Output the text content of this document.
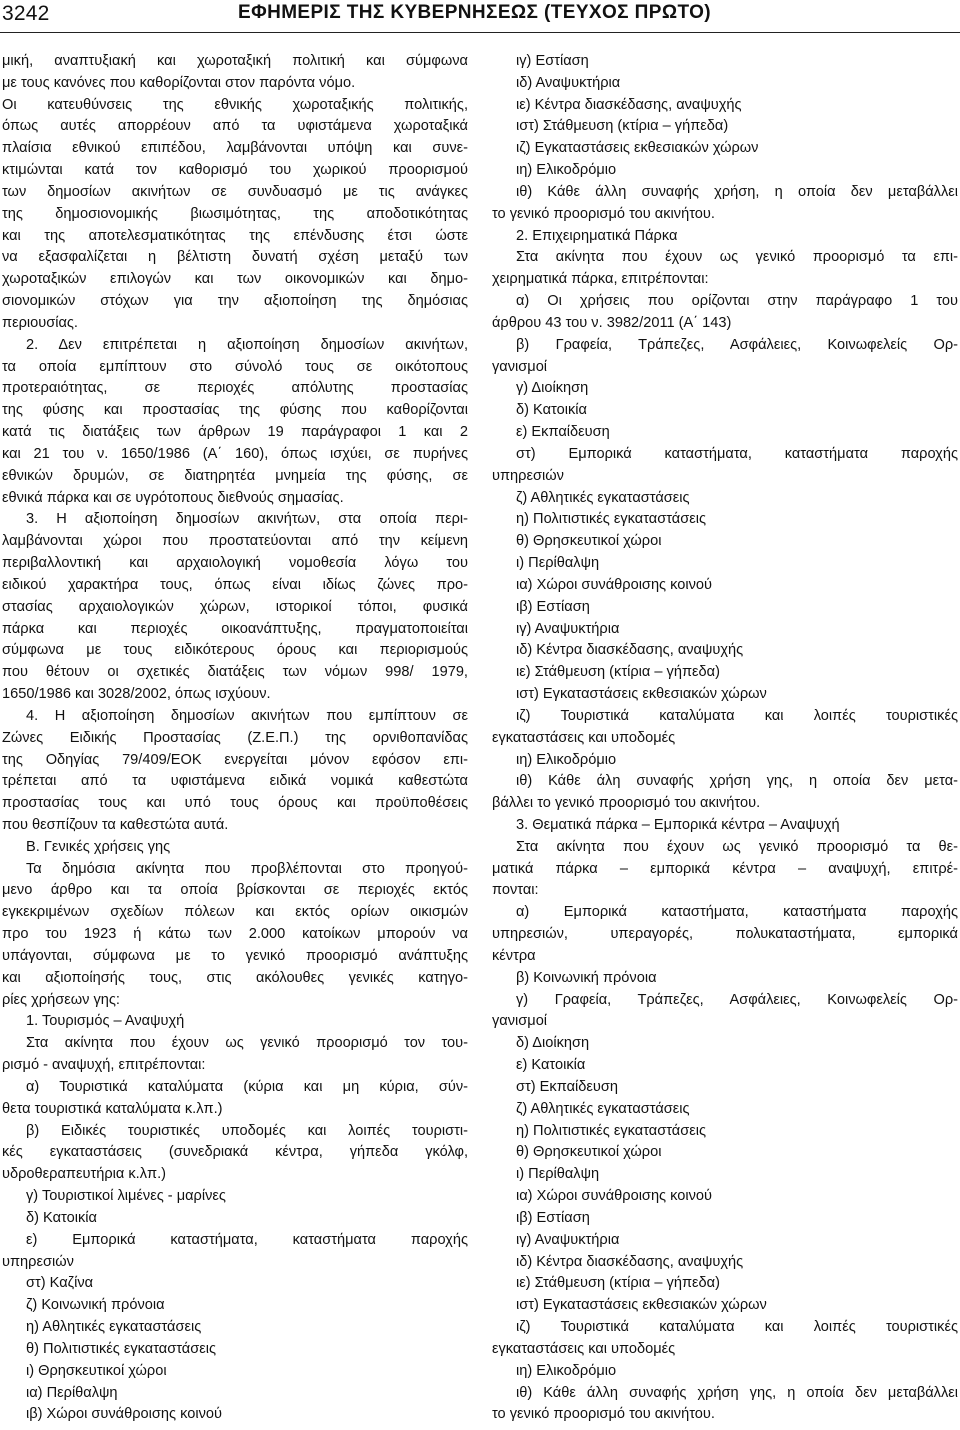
3242	ΕΦΗΜΕΡΙΣ ΤΗΣ ΚΥΒΕΡΝΗΣΕΩΣ (ΤΕΥΧΟΣ ΠΡΩΤΟ)
μική, αναπτυξιακή και χωροταξική πολιτική και σύμφωνα
με τους κανόνες που καθορίζονται στον παρόντα νόμο.
Οι κατευθύνσεις της εθνικής χωροταξικής πολιτικής,
όπως αυτές απορρέουν από τα υφιστάμενα χωροταξικά
πλαίσια εθνικού επιπέδου, λαμβάνονται υπόψη και συνε-
κτιμώνται κατά τον καθορισμό του χωρικού προορισμού
των δημοσίων ακινήτων σε συνδυασμό με τις ανάγκες
της δημοσιονομικής βιωσιμότητας, της αποδοτικότητας
και της αποτελεσματικότητας της επένδυσης έτσι ώστε
να εξασφαλίζεται η βέλτιστη δυνατή σχέση μεταξύ των
χωροταξικών επιλογών και των οικονομικών και δημο-
σιονομικών στόχων για την αξιοποίηση της δημόσιας
περιουσίας.
2. Δεν επιτρέπεται η αξιοποίηση δημοσίων ακινήτων,
τα οποία εμπίπτουν στο σύνολό τους σε οικότοπους
προτεραιότητας, σε περιοχές απόλυτης προστασίας
της φύσης και προστασίας της φύσης που καθορίζονται
κατά τις διατάξεις των άρθρων 19 παράγραφοι 1 και 2
και 21 του ν. 1650/1986 (Α΄ 160), όπως ισχύει, σε πυρήνες
εθνικών δρυμών, σε διατηρητέα μνημεία της φύσης, σε
εθνικά πάρκα και σε υγρότοπους διεθνούς σημασίας.
3. Η αξιοποίηση δημοσίων ακινήτων, στα οποία περι-
λαμβάνονται χώροι που προστατεύονται από την κείμενη
περιβαλλοντική και αρχαιολογική νομοθεσία λόγω του
ειδικού χαρακτήρα τους, όπως είναι ιδίως ζώνες προ-
στασίας αρχαιολογικών χώρων, ιστορικοί τόποι, φυσικά
πάρκα και περιοχές οικοανάπτυξης, πραγματοποιείται
σύμφωνα με τους ειδικότερους όρους και περιορισμούς
που θέτουν οι σχετικές διατάξεις των νόμων 998/ 1979,
1650/1986 και 3028/2002, όπως ισχύουν.
4. Η αξιοποίηση δημοσίων ακινήτων που εμπίπτουν σε
Ζώνες Ειδικής Προστασίας (Ζ.Ε.Π.) της ορνιθοπανίδας
της Οδηγίας 79/409/ΕΟΚ ενεργείται μόνον εφόσον επι-
τρέπεται από τα υφιστάμενα ειδικά νομικά καθεστώτα
προστασίας τους και υπό τους όρους και προϋποθέσεις
που θεσπίζουν τα καθεστώτα αυτά.
Β. Γενικές χρήσεις γης
Τα δημόσια ακίνητα που προβλέπονται στο προηγού-
μενο άρθρο και τα οποία βρίσκονται σε περιοχές εκτός
εγκεκριμένων σχεδίων πόλεων και εκτός ορίων οικισμών
προ του 1923 ή κάτω των 2.000 κατοίκων μπορούν να
υπάγονται, σύμφωνα με το γενικό προορισμό ανάπτυξης
και αξιοποίησής τους, στις ακόλουθες γενικές κατηγο-
ρίες χρήσεων γης:
1. Τουρισμός – Αναψυχή
Στα ακίνητα που έχουν ως γενικό προορισμό τον του-
ρισμό - αναψυχή, επιτρέπονται:
α) Τουριστικά καταλύματα (κύρια και μη κύρια, σύν-
θετα τουριστικά καταλύματα κ.λπ.)
β) Ειδικές τουριστικές υποδομές και λοιπές τουριστι-
κές εγκαταστάσεις (συνεδριακά κέντρα, γήπεδα γκόλφ,
υδροθεραπευτήρια κ.λπ.)
γ) Τουριστικοί λιμένες - μαρίνες
δ) Κατοικία
ε) Εμπορικά καταστήματα, καταστήματα παροχής
υπηρεσιών
στ) Καζίνα
ζ) Κοινωνική πρόνοια
η) Αθλητικές εγκαταστάσεις
θ) Πολιτιστικές εγκαταστάσεις
ι) Θρησκευτικοί χώροι
ια) Περίθαλψη
ιβ) Χώροι συνάθροισης κοινού
ιγ) Εστίαση
ιδ) Αναψυκτήρια
ιε) Κέντρα διασκέδασης, αναψυχής
ιστ) Στάθμευση (κτίρια – γήπεδα)
ιζ) Εγκαταστάσεις εκθεσιακών χώρων
ιη) Ελικοδρόμιο
ιθ) Κάθε άλλη συναφής χρήση, η οποία δεν μεταβάλλει
το γενικό προορισμό του ακινήτου.
2. Επιχειρηματικά Πάρκα
Στα ακίνητα που έχουν ως γενικό προορισμό τα επι-
χειρηματικά πάρκα, επιτρέπονται:
α) Οι χρήσεις που ορίζονται στην παράγραφο 1 του
άρθρου 43 του ν. 3982/2011 (Α΄ 143)
β) Γραφεία, Τράπεζες, Ασφάλειες, Κοινωφελείς Ορ-
γανισμοί
γ) Διοίκηση
δ) Κατοικία
ε) Εκπαίδευση
στ) Εμπορικά καταστήματα, καταστήματα παροχής
υπηρεσιών
ζ) Αθλητικές εγκαταστάσεις
η) Πολιτιστικές εγκαταστάσεις
θ) Θρησκευτικοί χώροι
ι) Περίθαλψη
ια) Χώροι συνάθροισης κοινού
ιβ) Εστίαση
ιγ) Αναψυκτήρια
ιδ) Κέντρα διασκέδασης, αναψυχής
ιε) Στάθμευση (κτίρια – γήπεδα)
ιστ) Εγκαταστάσεις εκθεσιακών χώρων
ιζ) Τουριστικά καταλύματα και λοιπές τουριστικές
εγκαταστάσεις και υποδομές
ιη) Ελικοδρόμιο
ιθ) Κάθε άλη συναφής χρήση γης, η οποία δεν μετα-
βάλλει το γενικό προορισμό του ακινήτου.
3. Θεματικά πάρκα – Εμπορικά κέντρα – Αναψυχή
Στα ακίνητα που έχουν ως γενικό προορισμό τα θε-
ματικά πάρκα – εμπορικά κέντρα – αναψυχή, επιτρέ-
πονται:
α) Εμπορικά καταστήματα, καταστήματα παροχής
υπηρεσιών, υπεραγορές, πολυκαταστήματα, εμπορικά
κέντρα
β) Κοινωνική πρόνοια
γ) Γραφεία, Τράπεζες, Ασφάλειες, Κοινωφελείς Ορ-
γανισμοί
δ) Διοίκηση
ε) Κατοικία
στ) Εκπαίδευση
ζ) Αθλητικές εγκαταστάσεις
η) Πολιτιστικές εγκαταστάσεις
θ) Θρησκευτικοί χώροι
ι) Περίθαλψη
ια) Χώροι συνάθροισης κοινού
ιβ) Εστίαση
ιγ) Αναψυκτήρια
ιδ) Κέντρα διασκέδασης, αναψυχής
ιε) Στάθμευση (κτίρια – γήπεδα)
ιστ) Εγκαταστάσεις εκθεσιακών χώρων
ιζ) Τουριστικά καταλύματα και λοιπές τουριστικές
εγκαταστάσεις και υποδομές
ιη) Ελικοδρόμιο
ιθ) Κάθε άλλη συναφής χρήση γης, η οποία δεν μεταβάλλει
το γενικό προορισμό του ακινήτου.
